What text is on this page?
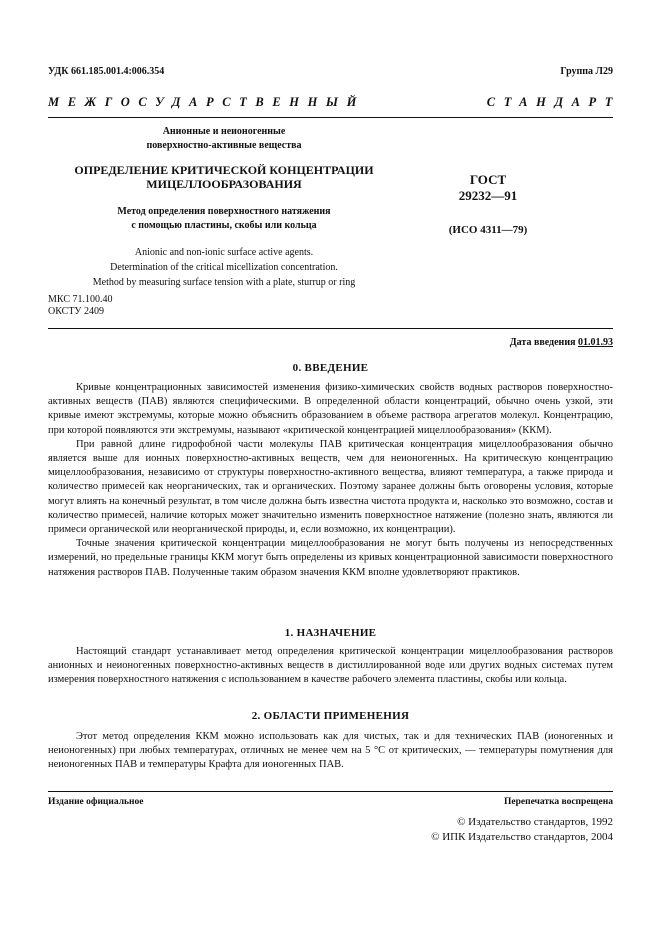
УДК 661.185.001.4:006.354	Группа Л29
МЕЖГОСУДАРСТВЕННЫЙ	СТАНДАРТ
Анионные и неионогенные
поверхностно-активные вещества
ОПРЕДЕЛЕНИЕ КРИТИЧЕСКОЙ КОНЦЕНТРАЦИИ
МИЦЕЛЛООБРАЗОВАНИЯ
Метод определения поверхностного натяжения
с помощью пластины, скобы или кольца
Anionic and non-ionic surface active agents.
Determination of the critical micellization concentration.
Method by measuring surface tension with a plate, sturrup or ring
ГОСТ
29232—91
(ИСО 4311—79)
МКС 71.100.40
ОКСТУ 2409
Дата введения 01.01.93
0. ВВЕДЕНИЕ

Кривые концентрационных зависимостей изменения физико-химических свойств водных растворов поверхностно-активных веществ (ПАВ) являются специфическими. В определенной области концентраций, обычно очень узкой, эти кривые имеют экстремумы, которые можно объяснить образованием в объеме раствора агрегатов молекул. Концентрацию, при которой появляются эти экстремумы, называют «критической концентрацией мицеллообразования» (ККМ).

При равной длине гидрофобной части молекулы ПАВ критическая концентрация мицеллообразования обычно является выше для ионных поверхностно-активных веществ, чем для неионогенных. На критическую концентрацию мицеллообразования, независимо от структуры поверхностно-активного вещества, влияют температура, а также природа и количество примесей как неорганических, так и органических. Поэтому заранее должны быть оговорены условия, которые могут влиять на конечный результат, в том числе должна быть известна чистота продукта и, насколько это возможно, состав и количество примесей, наличие которых может значительно изменить поверхностное натяжение (полезно знать, являются ли примеси органической или неорганической природы, и, если возможно, их концентрации).

Точные значения критической концентрации мицеллообразования не могут быть получены из непосредственных измерений, но предельные границы ККМ могут быть определены из кривых концентрационной зависимости поверхностного натяжения растворов ПАВ. Полученные таким образом значения ККМ вполне удовлетворяют практиков.

1. НАЗНАЧЕНИЕ

Настоящий стандарт устанавливает метод определения критической концентрации мицеллообразования растворов анионных и неионогенных поверхностно-активных веществ в дистиллированной воде или других водных системах путем измерения поверхностного натяжения с использованием в качестве рабочего элемента пластины, скобы или кольца.

2. ОБЛАСТИ ПРИМЕНЕНИЯ

Этот метод определения ККМ можно использовать как для чистых, так и для технических ПАВ (ионогенных и неионогенных) при любых температурах, отличных не менее чем на 5 °С от критических, — температуры помутнения для неионогенных ПАВ и температуры Крафта для ионогенных ПАВ.

Издание официальное	Перепечатка воспрещена
© Издательство стандартов, 1992
© ИПК Издательство стандартов, 2004
